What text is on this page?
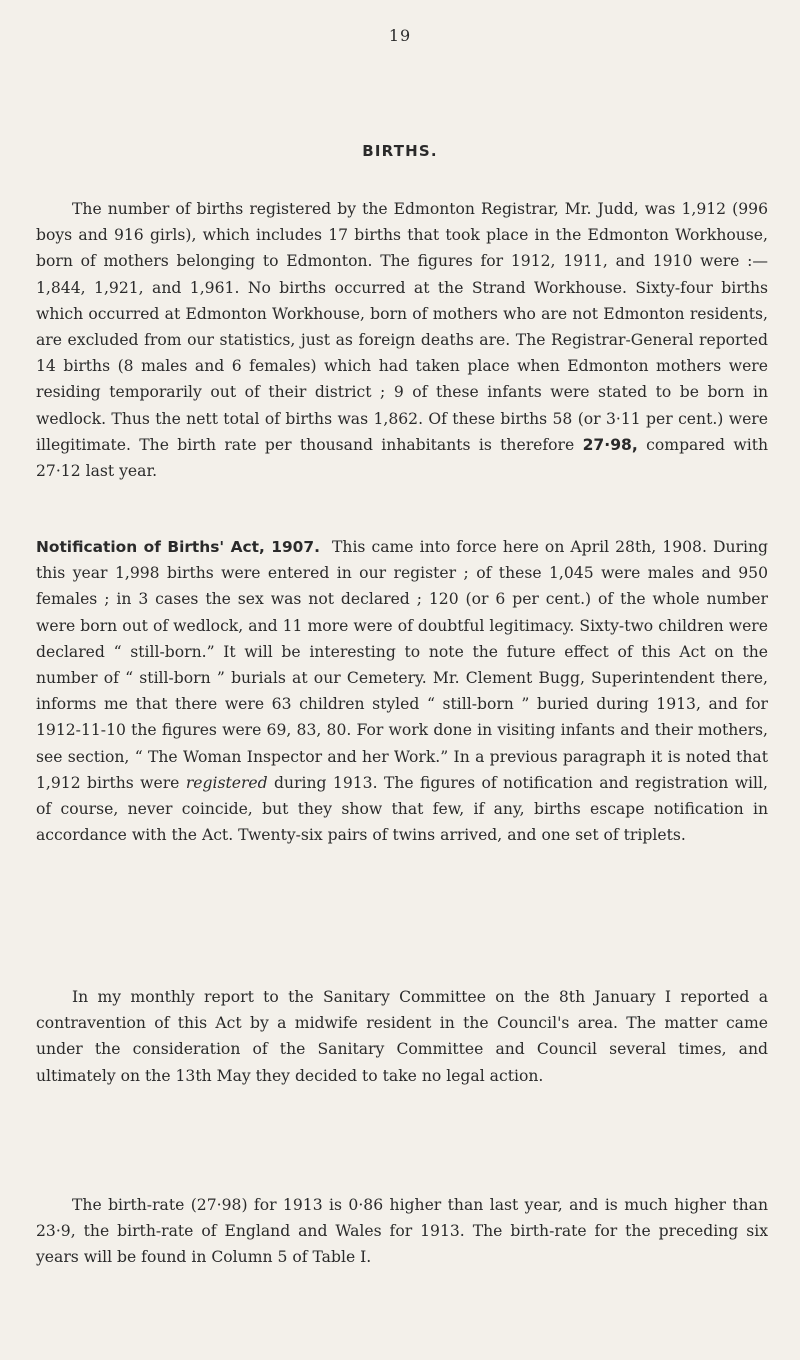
19
BIRTHS.

The number of births registered by the Edmonton Registrar, Mr. Judd, was 1,912 (996 boys and 916 girls), which includes 17 births that took place in the Edmonton Workhouse, born of mothers belonging to Edmonton. The figures for 1912, 1911, and 1910 were :—1,844, 1,921, and 1,961. No births occurred at the Strand Workhouse. Sixty-four births which occurred at Edmonton Workhouse, born of mothers who are not Edmonton residents, are excluded from our statistics, just as foreign deaths are. The Registrar-General reported 14 births (8 males and 6 females) which had taken place when Edmonton mothers were residing temporarily out of their district ; 9 of these infants were stated to be born in wedlock. Thus the nett total of births was 1,862. Of these births 58 (or 3·11 per cent.) were illegitimate. The birth rate per thousand inhabitants is therefore 27·98, compared with 27·12 last year.

Notification of Births' Act, 1907. This came into force here on April 28th, 1908. During this year 1,998 births were entered in our register ; of these 1,045 were males and 950 females ; in 3 cases the sex was not declared ; 120 (or 6 per cent.) of the whole number were born out of wedlock, and 11 more were of doubtful legitimacy. Sixty-two children were declared “ still-born.” It will be interesting to note the future effect of this Act on the number of “ still-born ” burials at our Cemetery. Mr. Clement Bugg, Superintendent there, informs me that there were 63 children styled “ still-born ” buried during 1913, and for 1912-11-10 the figures were 69, 83, 80. For work done in visiting infants and their mothers, see section, “ The Woman Inspector and her Work.” In a previous paragraph it is noted that 1,912 births were registered during 1913. The figures of notification and registration will, of course, never coincide, but they show that few, if any, births escape notification in accordance with the Act. Twenty-six pairs of twins arrived, and one set of triplets.

In my monthly report to the Sanitary Committee on the 8th January I reported a contravention of this Act by a midwife resident in the Council's area. The matter came under the consideration of the Sanitary Committee and Council several times, and ultimately on the 13th May they decided to take no legal action.

The birth-rate (27·98) for 1913 is 0·86 higher than last year, and is much higher than 23·9, the birth-rate of England and Wales for 1913. The birth-rate for the preceding six years will be found in Column 5 of Table I.
